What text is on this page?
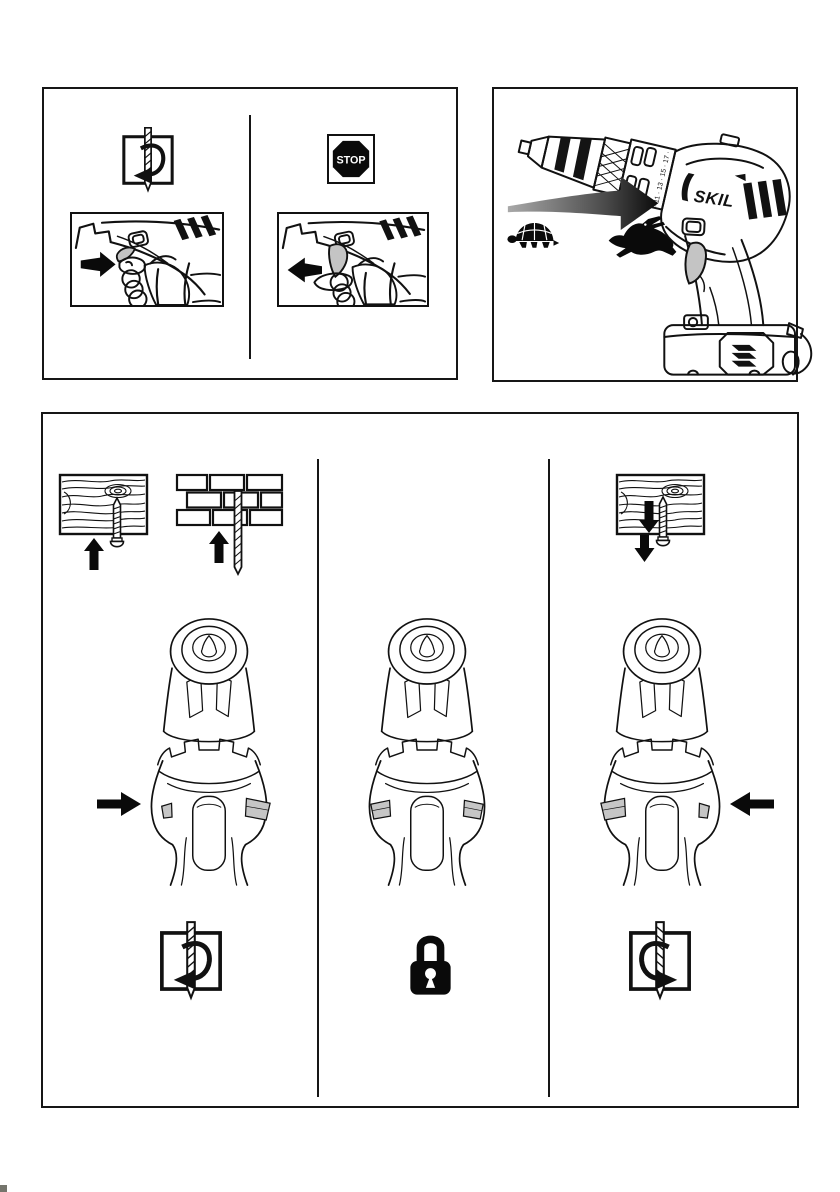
STOP
SKIL
· 11 · 13 · 15 · 17 ·
